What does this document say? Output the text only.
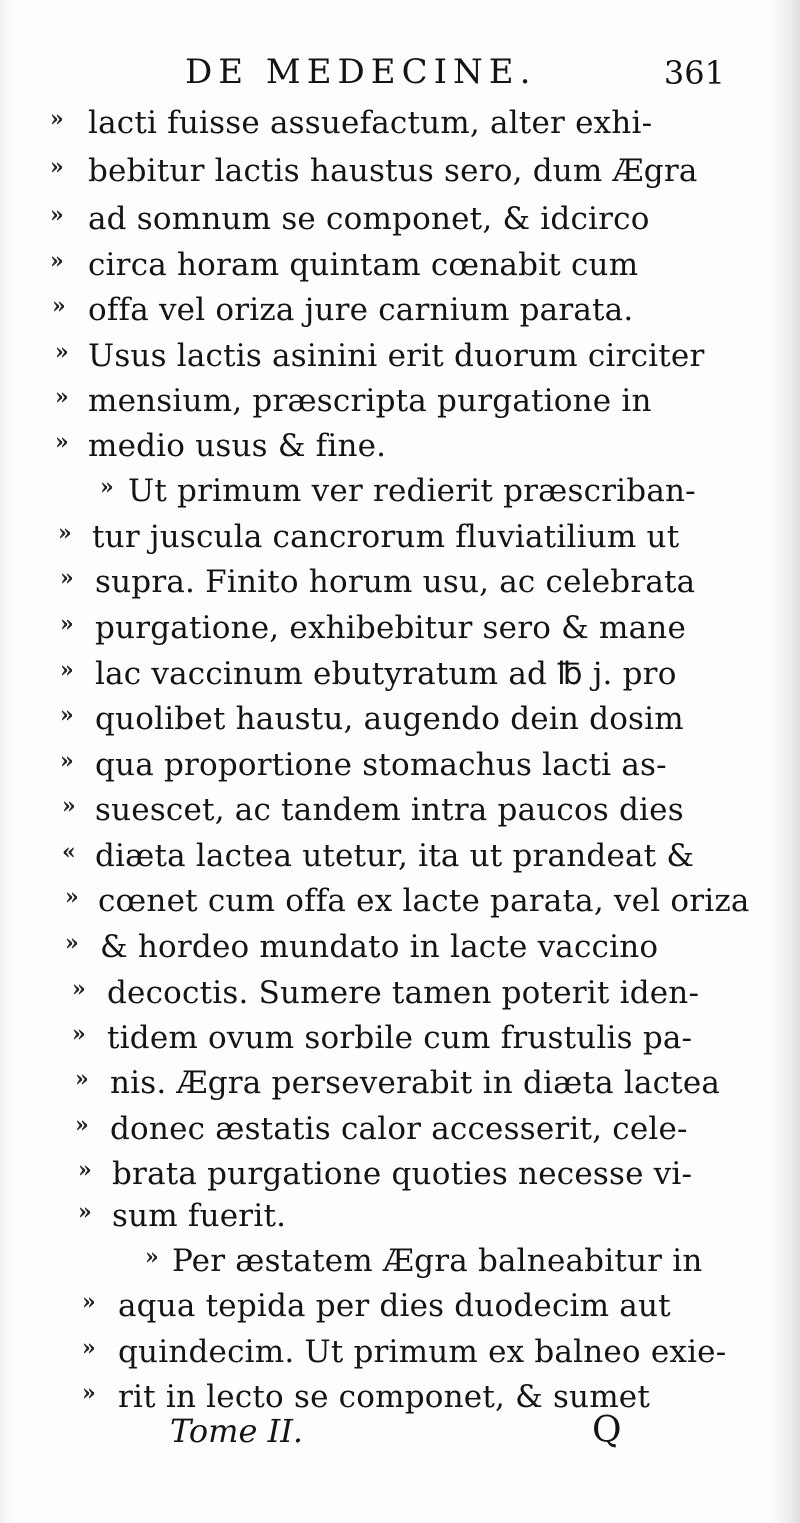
DE MEDECINE.	361
» lacti fuisse assuefactum, alter exhi-
» bebitur lactis haustus sero, dum Ægra
» ad somnum se componet, & idcirco
» circa horam quintam cœnabit cum
» offa vel oriza jure carnium parata.
» Usus lactis asinini erit duorum circiter
» mensium, præscripta purgatione in
» medio usus & fine.
» Ut primum ver redierit præscriban-
» tur juscula cancrorum fluviatilium ut
» supra. Finito horum usu, ac celebrata
» purgatione, exhibebitur sero & mane
» lac vaccinum ebutyratum ad ℔ j. pro
» quolibet haustu, augendo dein dosim
» qua proportione stomachus lacti as-
» suescet, ac tandem intra paucos dies
« diæta lactea utetur, ita ut prandeat &
» cœnet cum offa ex lacte parata, vel oriza
» & hordeo mundato in lacte vaccino
» decoctis. Sumere tamen poterit iden-
» tidem ovum sorbile cum frustulis pa-
» nis. Ægra perseverabit in diæta lactea
» donec æstatis calor accesserit, cele-
» brata purgatione quoties necesse vi-
» sum fuerit.
» Per æstatem Ægra balneabitur in
» aqua tepida per dies duodecim aut
» quindecim. Ut primum ex balneo exie-
» rit in lecto se componet, & sumet
Tome II.	Q
